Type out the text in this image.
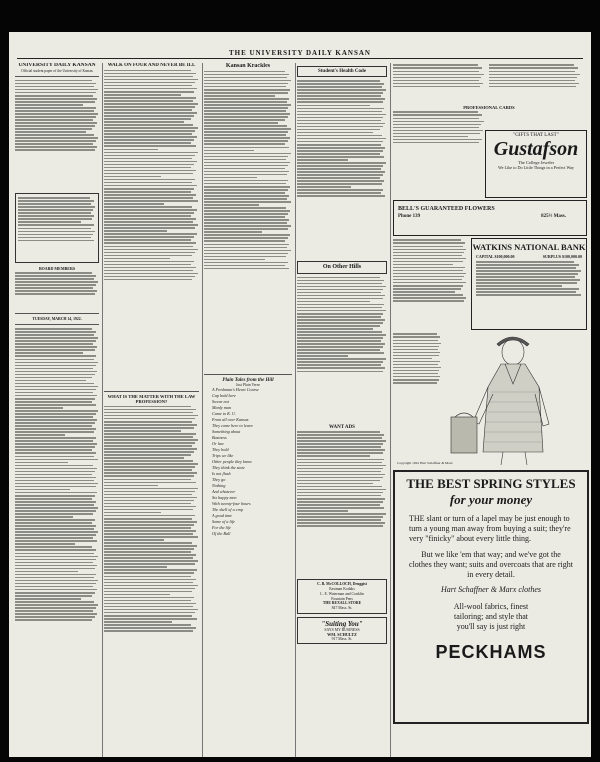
THE UNIVERSITY DAILY KANSAN
UNIVERSITY DAILY KANSAN
Official student paper of the University of Kansas
BOARD MEMBERS
TUESDAY, MARCH 14, 1922.
WALK ON FOUR AND NEVER BE ILL
WHAT IS THE MATTER WITH THE LAW PROFESSION?
Kansan Krackles
Plain Tales from the Hill
Just Plain Verse
A Freshman's Heart Course
Cap hold here
Swear not
Manly man
Came to K. U.
From all over Kansas
They come here to learn
Something about
Business
Or law
They hold
Trips we like
Other people they know
They think the state
Is not flush
They go
Nothing
And whatever
Six happy men
With twenty-four hours
The shell of a crop
A good time
Some of a life
For the life
Of the Ball
Student's Health Code
On Other Hills
WANT ADS
C. B. McCOLLOCH, Druggist
Eastman Kodaks
L. E. Waterman and Conklin
Fountain Pens
THE REXALL STORE
847 Mass. St.
"Suiting You"
SAYS MY BUSINESS
WM. SCHULTZ
917 Mass. St.
PROFESSIONAL CARDS
"GIFTS THAT LAST"
Gustafson
The College Jeweler
We Like to Do Little Things in a Perfect Way
BELL'S GUARANTEED FLOWERS
Phone 139	825½ Mass.
WATKINS NATIONAL BANK
CAPITAL $100,000.00	SURPLUS $100,000.00
Copyright 1922 Hart Schaffner & Marx
THE BEST SPRING STYLES
for your money
THE slant or turn of a lapel may be just enough to turn a young man away from buying a suit; they're very "finicky" about every little thing.
But we like 'em that way; and we've got the clothes they want; suits and overcoats that are right in every detail.
Hart Schaffner & Marx clothes
All-wool fabrics, finest
tailoring; and style that
you'll say is just right
PECKHAMS
